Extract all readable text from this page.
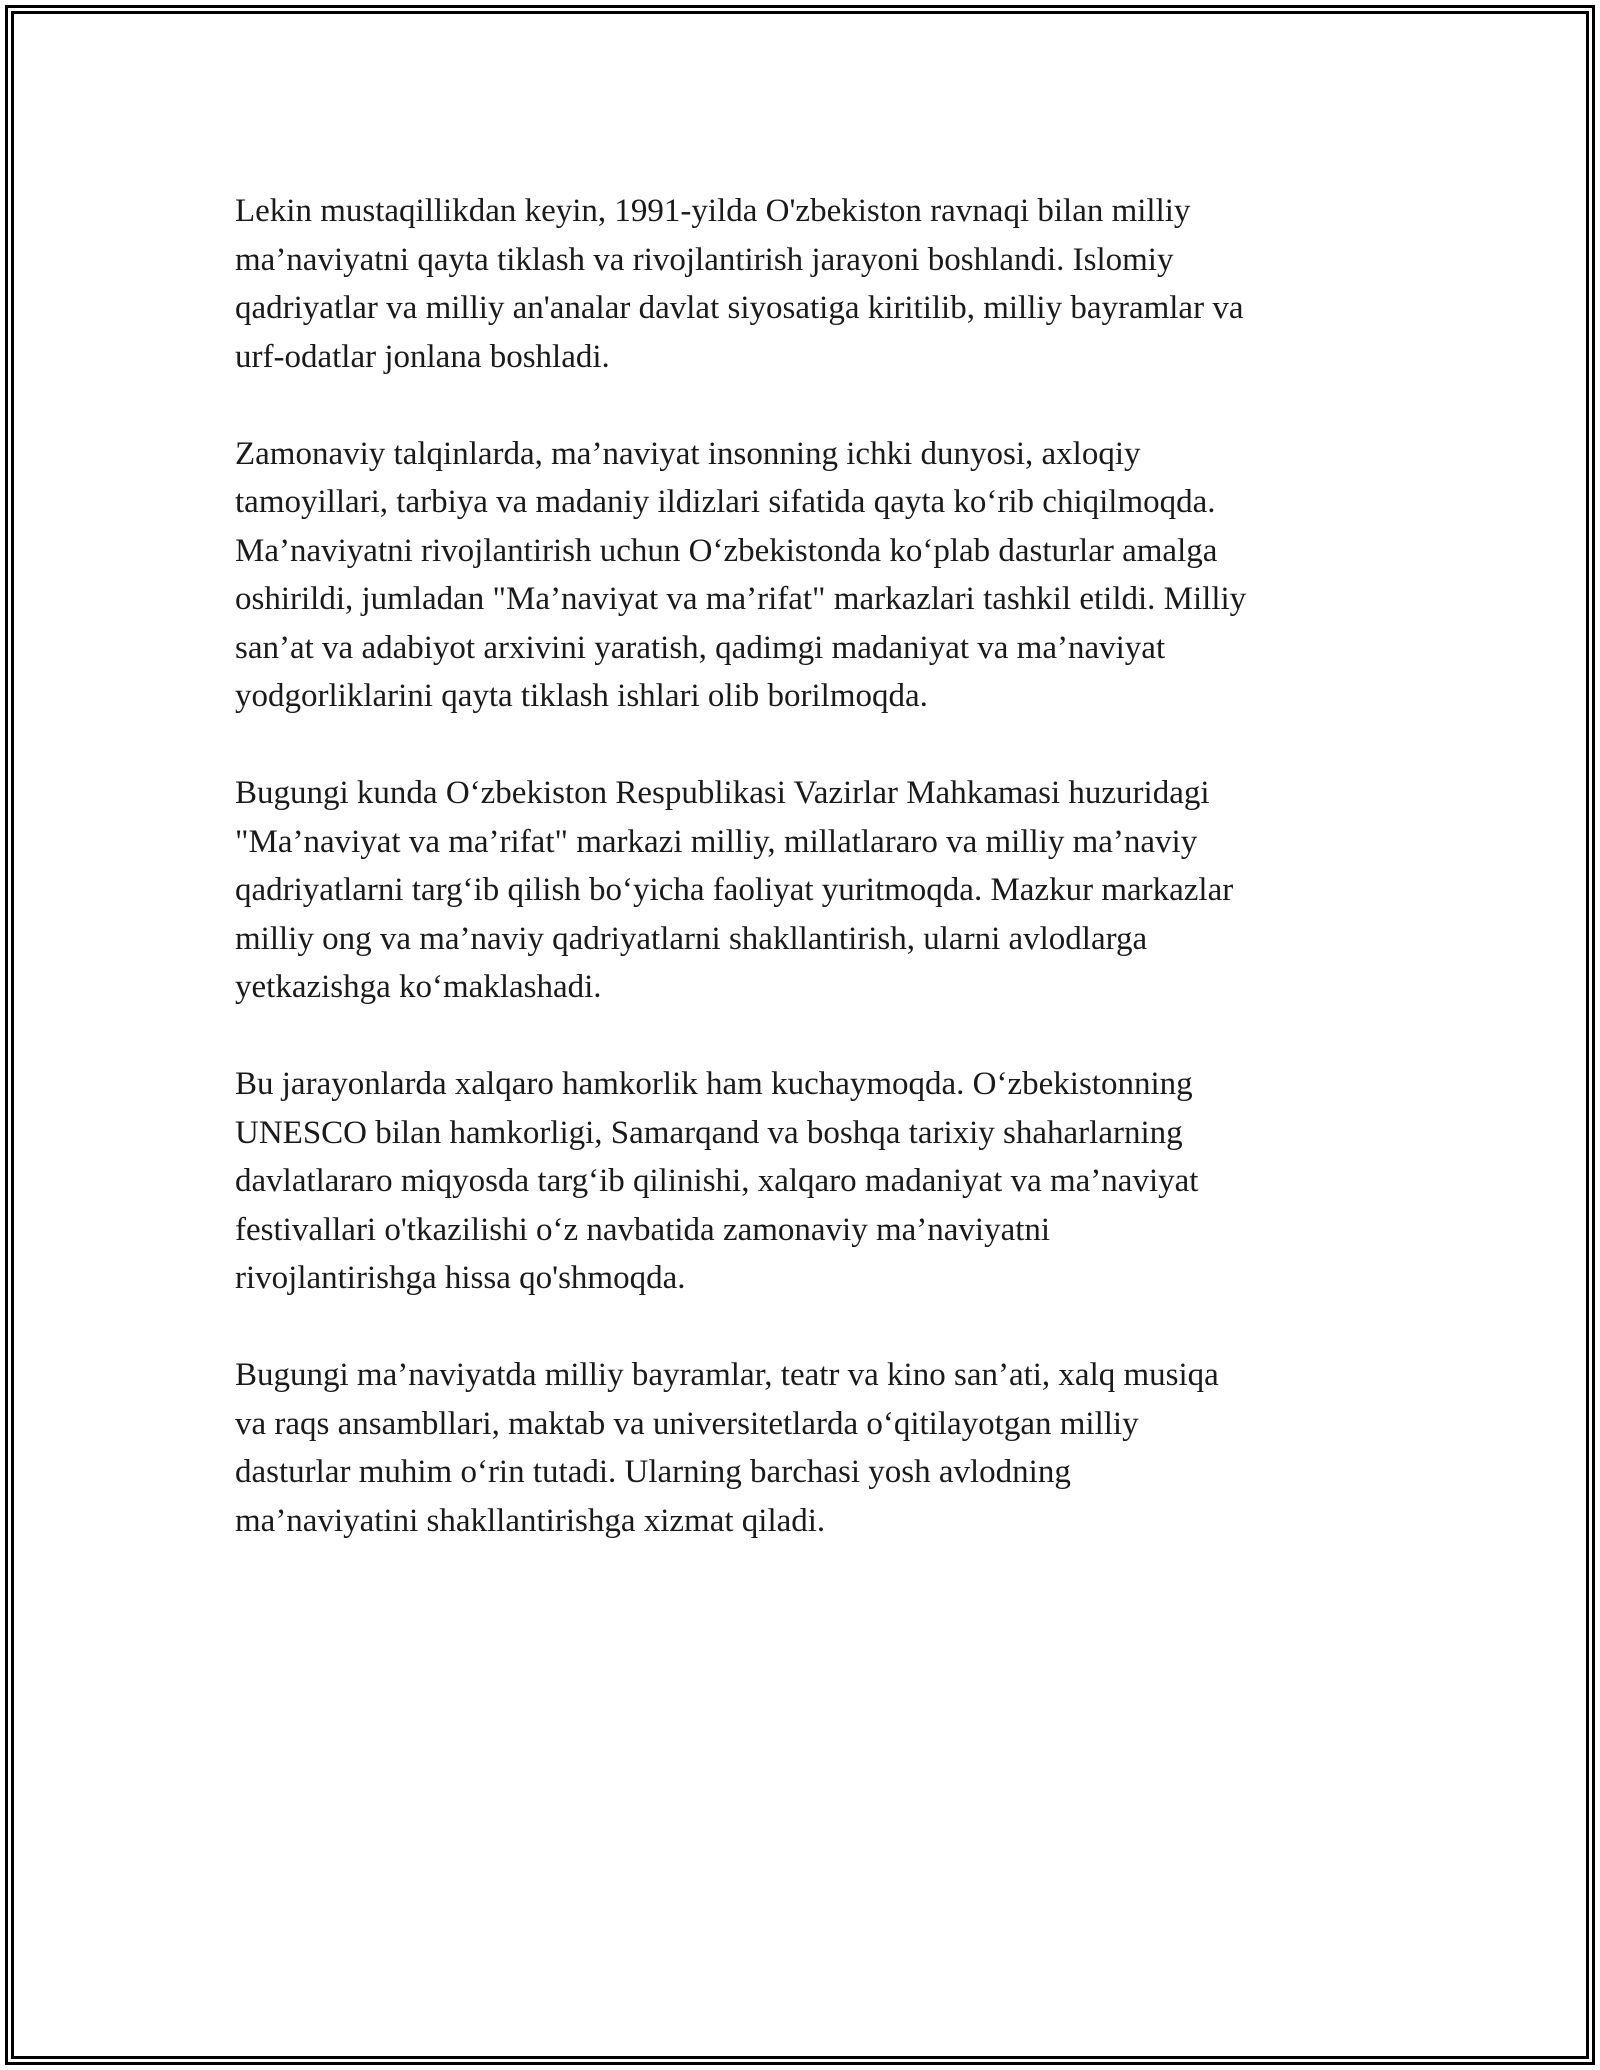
Lekin mustaqillikdan keyin, 1991-yilda O'zbekiston ravnaqi bilan milliy
ma’naviyatni qayta tiklash va rivojlantirish jarayoni boshlandi. Islomiy
qadriyatlar va milliy an'analar davlat siyosatiga kiritilib, milliy bayramlar va
urf-odatlar jonlana boshladi.

Zamonaviy talqinlarda, ma’naviyat insonning ichki dunyosi, axloqiy
tamoyillari, tarbiya va madaniy ildizlari sifatida qayta ko‘rib chiqilmoqda.
Ma’naviyatni rivojlantirish uchun O‘zbekistonda ko‘plab dasturlar amalga
oshirildi, jumladan "Ma’naviyat va ma’rifat" markazlari tashkil etildi. Milliy
san’at va adabiyot arxivini yaratish, qadimgi madaniyat va ma’naviyat
yodgorliklarini qayta tiklash ishlari olib borilmoqda.

Bugungi kunda O‘zbekiston Respublikasi Vazirlar Mahkamasi huzuridagi
"Ma’naviyat va ma’rifat" markazi milliy, millatlararo va milliy ma’naviy
qadriyatlarni targ‘ib qilish bo‘yicha faoliyat yuritmoqda. Mazkur markazlar
milliy ong va ma’naviy qadriyatlarni shakllantirish, ularni avlodlarga
yetkazishga ko‘maklashadi.

Bu jarayonlarda xalqaro hamkorlik ham kuchaymoqda. O‘zbekistonning
UNESCO bilan hamkorligi, Samarqand va boshqa tarixiy shaharlarning
davlatlararo miqyosda targ‘ib qilinishi, xalqaro madaniyat va ma’naviyat
festivallari o'tkazilishi o‘z navbatida zamonaviy ma’naviyatni
rivojlantirishga hissa qo'shmoqda.

Bugungi ma’naviyatda milliy bayramlar, teatr va kino san’ati, xalq musiqa
va raqs ansambllari, maktab va universitetlarda o‘qitilayotgan milliy
dasturlar muhim o‘rin tutadi. Ularning barchasi yosh avlodning
ma’naviyatini shakllantirishga xizmat qiladi.
